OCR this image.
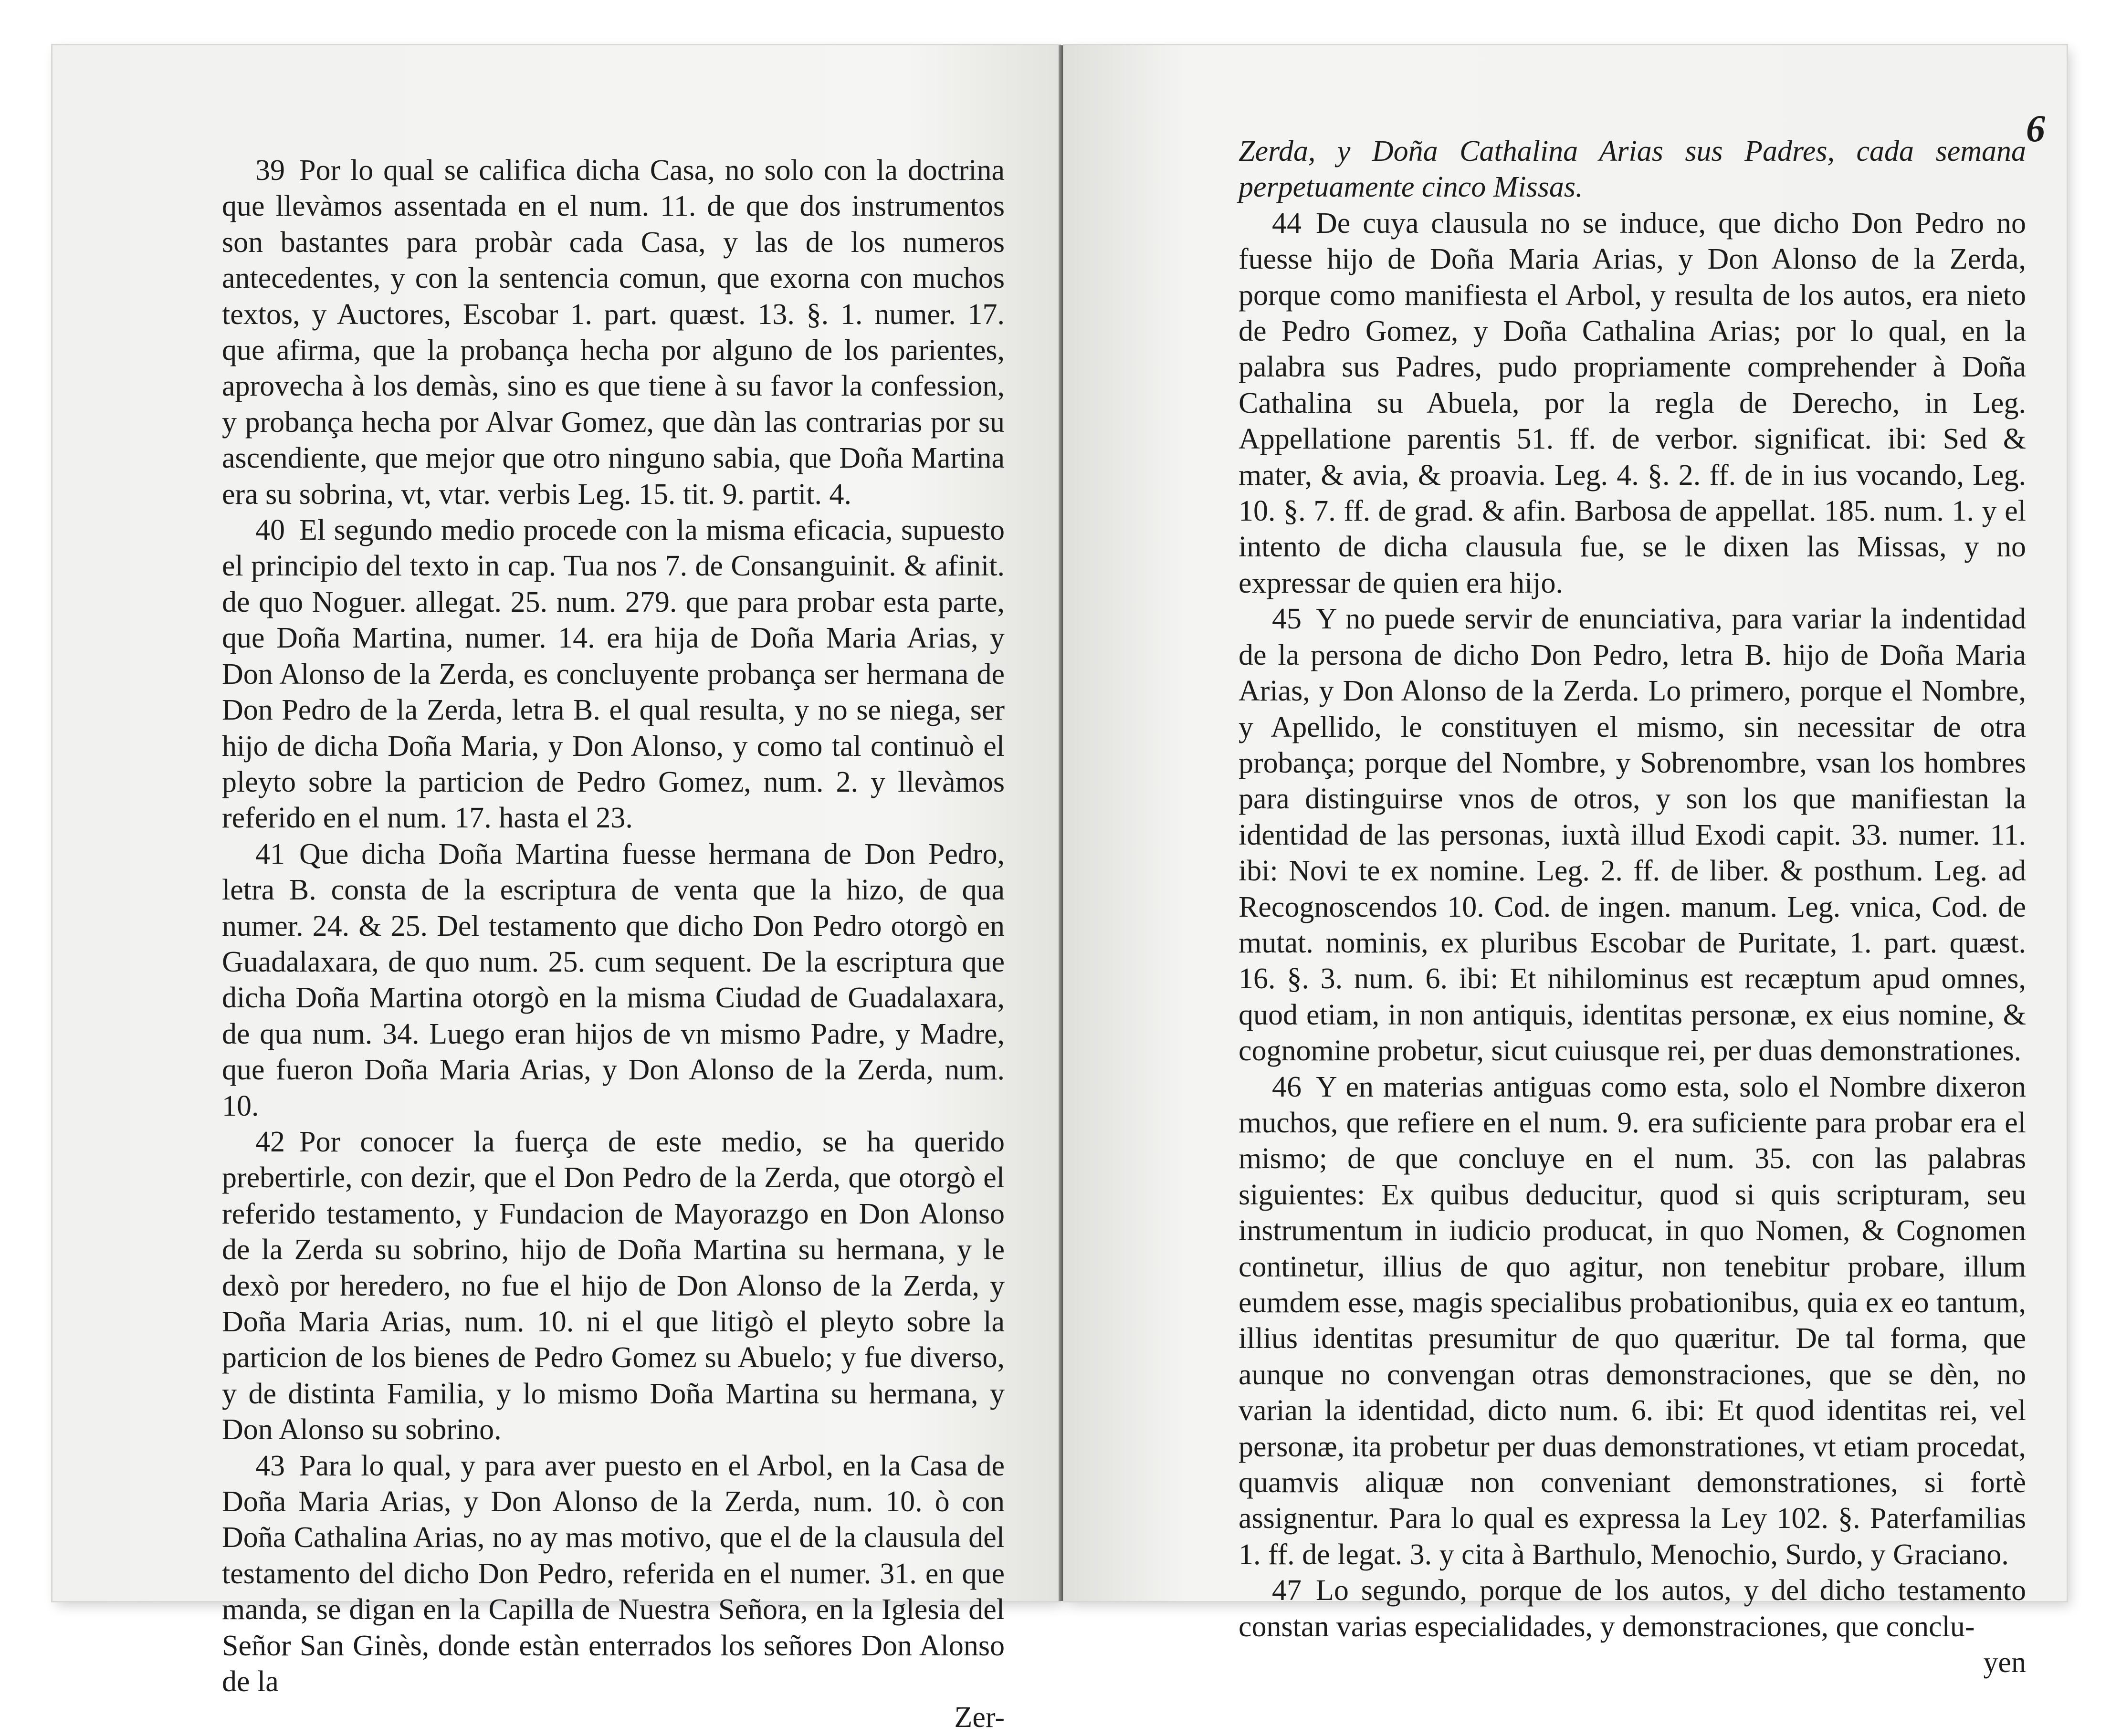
39 Por lo qual se califica dicha Casa, no solo con la doctrina que llevàmos assentada en el num. 11. de que dos instrumentos son bastantes para probàr cada Casa, y las de los numeros antecedentes, y con la sentencia comun, que exorna con muchos textos, y Auctores, Escobar 1. part. quæst. 13. §. 1. numer. 17. que afirma, que la probança hecha por alguno de los parientes, aprovecha à los demàs, sino es que tiene à su favor la confession, y probança hecha por Alvar Gomez, que dàn las contrarias por su ascendiente, que mejor que otro ninguno sabia, que Doña Martina era su sobrina, vt, vtar. verbis Leg. 15. tit. 9. partit. 4.

40 El segundo medio procede con la misma eficacia, supuesto el principio del texto in cap. Tua nos 7. de Consanguinit. & afinit. de quo Noguer. allegat. 25. num. 279. que para probar esta parte, que Doña Martina, numer. 14. era hija de Doña Maria Arias, y Don Alonso de la Zerda, es concluyente probança ser hermana de Don Pedro de la Zerda, letra B. el qual resulta, y no se niega, ser hijo de dicha Doña Maria, y Don Alonso, y como tal continuò el pleyto sobre la particion de Pedro Gomez, num. 2. y llevàmos referido en el num. 17. hasta el 23.

41 Que dicha Doña Martina fuesse hermana de Don Pedro, letra B. consta de la escriptura de venta que la hizo, de qua numer. 24. & 25. Del testamento que dicho Don Pedro otorgò en Guadalaxara, de quo num. 25. cum sequent. De la escriptura que dicha Doña Martina otorgò en la misma Ciudad de Guadalaxara, de qua num. 34. Luego eran hijos de vn mismo Padre, y Madre, que fueron Doña Maria Arias, y Don Alonso de la Zerda, num. 10.

42 Por conocer la fuerça de este medio, se ha querido prebertirle, con dezir, que el Don Pedro de la Zerda, que otorgò el referido testamento, y Fundacion de Mayorazgo en Don Alonso de la Zerda su sobrino, hijo de Doña Martina su hermana, y le dexò por heredero, no fue el hijo de Don Alonso de la Zerda, y Doña Maria Arias, num. 10. ni el que litigò el pleyto sobre la particion de los bienes de Pedro Gomez su Abuelo; y fue diverso, y de distinta Familia, y lo mismo Doña Martina su hermana, y Don Alonso su sobrino.

43 Para lo qual, y para aver puesto en el Arbol, en la Casa de Doña Maria Arias, y Don Alonso de la Zerda, num. 10. ò con Doña Cathalina Arias, no ay mas motivo, que el de la clausula del testamento del dicho Don Pedro, referida en el numer. 31. en que manda, se digan en la Capilla de Nuestra Señora, en la Iglesia del Señor San Ginès, donde estàn enterrados los señores Don Alonso de la

Zer-
6

Zerda, y Doña Cathalina Arias sus Padres, cada semana perpetuamente cinco Missas.

44 De cuya clausula no se induce, que dicho Don Pedro no fuesse hijo de Doña Maria Arias, y Don Alonso de la Zerda, porque como manifiesta el Arbol, y resulta de los autos, era nieto de Pedro Gomez, y Doña Cathalina Arias; por lo qual, en la palabra sus Padres, pudo propriamente comprehender à Doña Cathalina su Abuela, por la regla de Derecho, in Leg. Appellatione parentis 51. ff. de verbor. significat. ibi: Sed & mater, & avia, & proavia. Leg. 4. §. 2. ff. de in ius vocando, Leg. 10. §. 7. ff. de grad. & afin. Barbosa de appellat. 185. num. 1. y el intento de dicha clausula fue, se le dixen las Missas, y no expressar de quien era hijo.

45 Y no puede servir de enunciativa, para variar la indentidad de la persona de dicho Don Pedro, letra B. hijo de Doña Maria Arias, y Don Alonso de la Zerda. Lo primero, porque el Nombre, y Apellido, le constituyen el mismo, sin necessitar de otra probança; porque del Nombre, y Sobrenombre, vsan los hombres para distinguirse vnos de otros, y son los que manifiestan la identidad de las personas, iuxtà illud Exodi capit. 33. numer. 11. ibi: Novi te ex nomine. Leg. 2. ff. de liber. & posthum. Leg. ad Recognoscendos 10. Cod. de ingen. manum. Leg. vnica, Cod. de mutat. nominis, ex pluribus Escobar de Puritate, 1. part. quæst. 16. §. 3. num. 6. ibi: Et nihilominus est recæptum apud omnes, quod etiam, in non antiquis, identitas personæ, ex eius nomine, & cognomine probetur, sicut cuiusque rei, per duas demonstrationes.

46 Y en materias antiguas como esta, solo el Nombre dixeron muchos, que refiere en el num. 9. era suficiente para probar era el mismo; de que concluye en el num. 35. con las palabras siguientes: Ex quibus deducitur, quod si quis scripturam, seu instrumentum in iudicio producat, in quo Nomen, & Cognomen continetur, illius de quo agitur, non tenebitur probare, illum eumdem esse, magis specialibus probationibus, quia ex eo tantum, illius identitas presumitur de quo quæritur. De tal forma, que aunque no convengan otras demonstraciones, que se dèn, no varian la identidad, dicto num. 6. ibi: Et quod identitas rei, vel personæ, ita probetur per duas demonstrationes, vt etiam procedat, quamvis aliquæ non conveniant demonstrationes, si fortè assignentur. Para lo qual es expressa la Ley 102. §. Paterfamilias 1. ff. de legat. 3. y cita à Barthulo, Menochio, Surdo, y Graciano.

47 Lo segundo, porque de los autos, y del dicho testamento constan varias especialidades, y demonstraciones, que conclu-

yen
